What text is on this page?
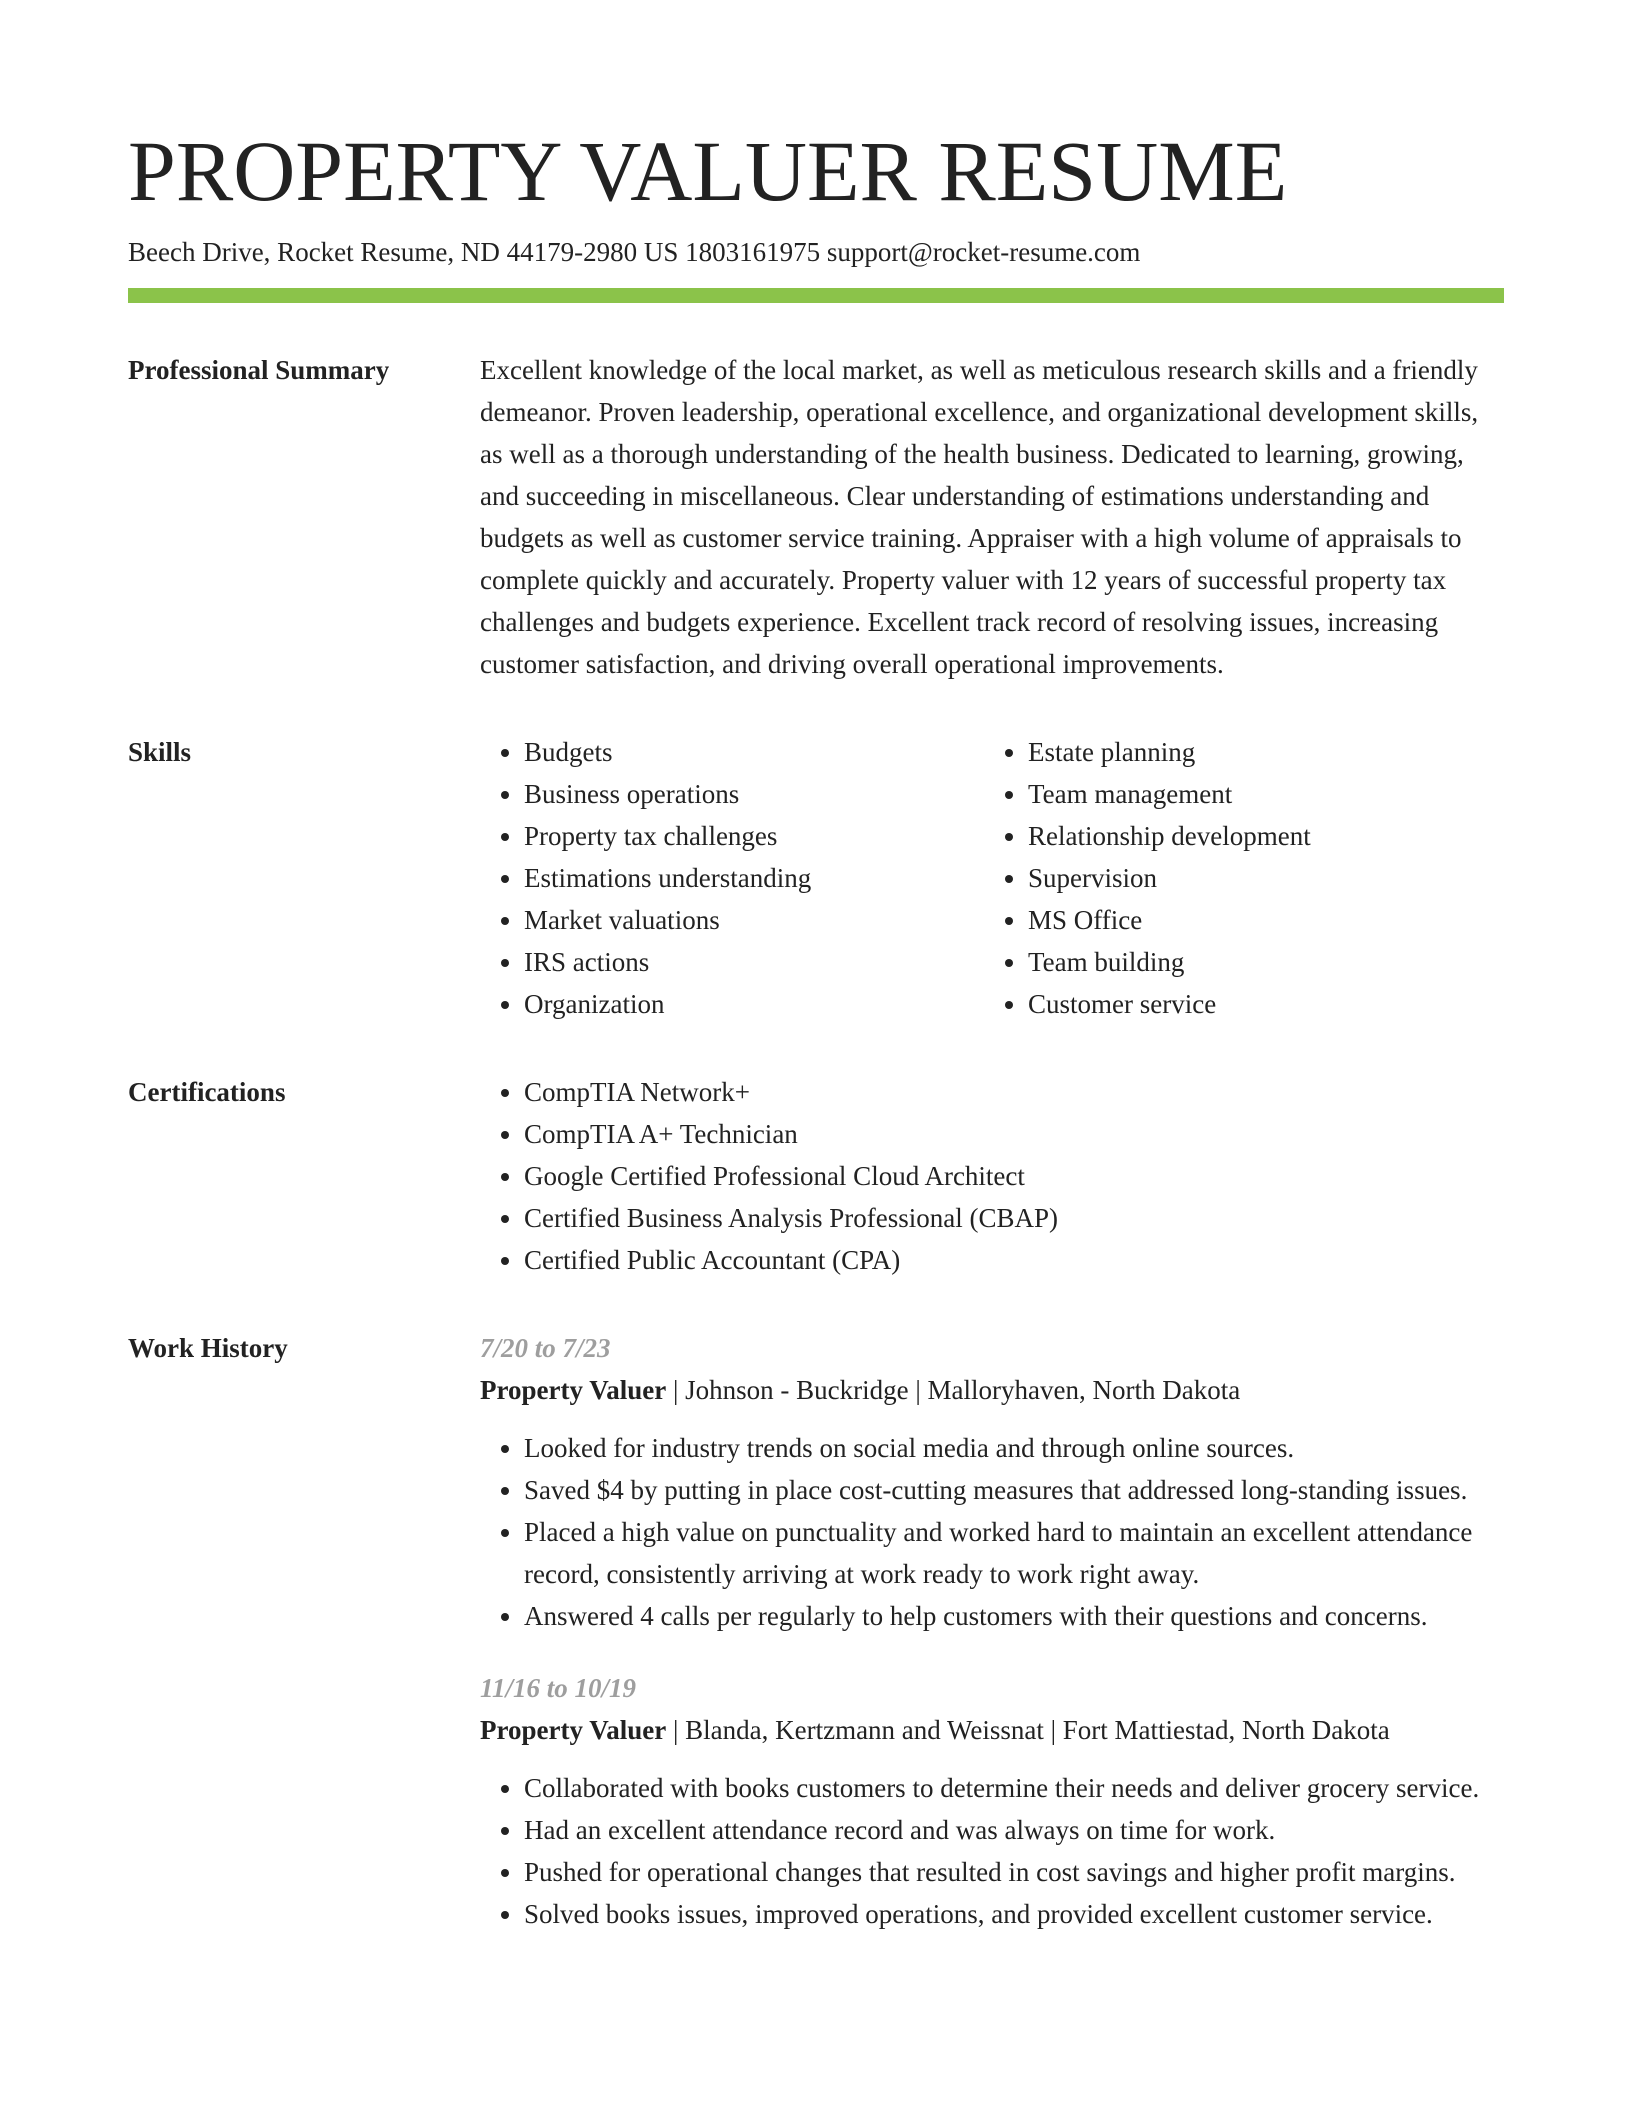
PROPERTY VALUER RESUME
Beech Drive, Rocket Resume, ND 44179-2980 US 1803161975 support@rocket-resume.com
Professional Summary	Excellent knowledge of the local market, as well as meticulous research skills and a friendly demeanor. Proven leadership, operational excellence, and organizational development skills, as well as a thorough understanding of the health business. Dedicated to learning, growing, and succeeding in miscellaneous. Clear understanding of estimations understanding and budgets as well as customer service training. Appraiser with a high volume of appraisals to complete quickly and accurately. Property valuer with 12 years of successful property tax challenges and budgets experience. Excellent track record of resolving issues, increasing customer satisfaction, and driving overall operational improvements.

Skills	• Budgets
• Business operations
• Property tax challenges
• Estimations understanding
• Market valuations
• IRS actions
• Organization
• Estate planning
• Team management
• Relationship development
• Supervision
• MS Office
• Team building
• Customer service
Certifications	• CompTIA Network+
• CompTIA A+ Technician
• Google Certified Professional Cloud Architect
• Certified Business Analysis Professional (CBAP)
• Certified Public Accountant (CPA)
Work History	7/20 to 7/23
Property Valuer | Johnson - Buckridge | Malloryhaven, North Dakota
• Looked for industry trends on social media and through online sources.
• Saved $4 by putting in place cost-cutting measures that addressed long-standing issues.
• Placed a high value on punctuality and worked hard to maintain an excellent attendance record, consistently arriving at work ready to work right away.
• Answered 4 calls per regularly to help customers with their questions and concerns.
11/16 to 10/19
Property Valuer | Blanda, Kertzmann and Weissnat | Fort Mattiestad, North Dakota
• Collaborated with books customers to determine their needs and deliver grocery service.
• Had an excellent attendance record and was always on time for work.
• Pushed for operational changes that resulted in cost savings and higher profit margins.
• Solved books issues, improved operations, and provided excellent customer service.
